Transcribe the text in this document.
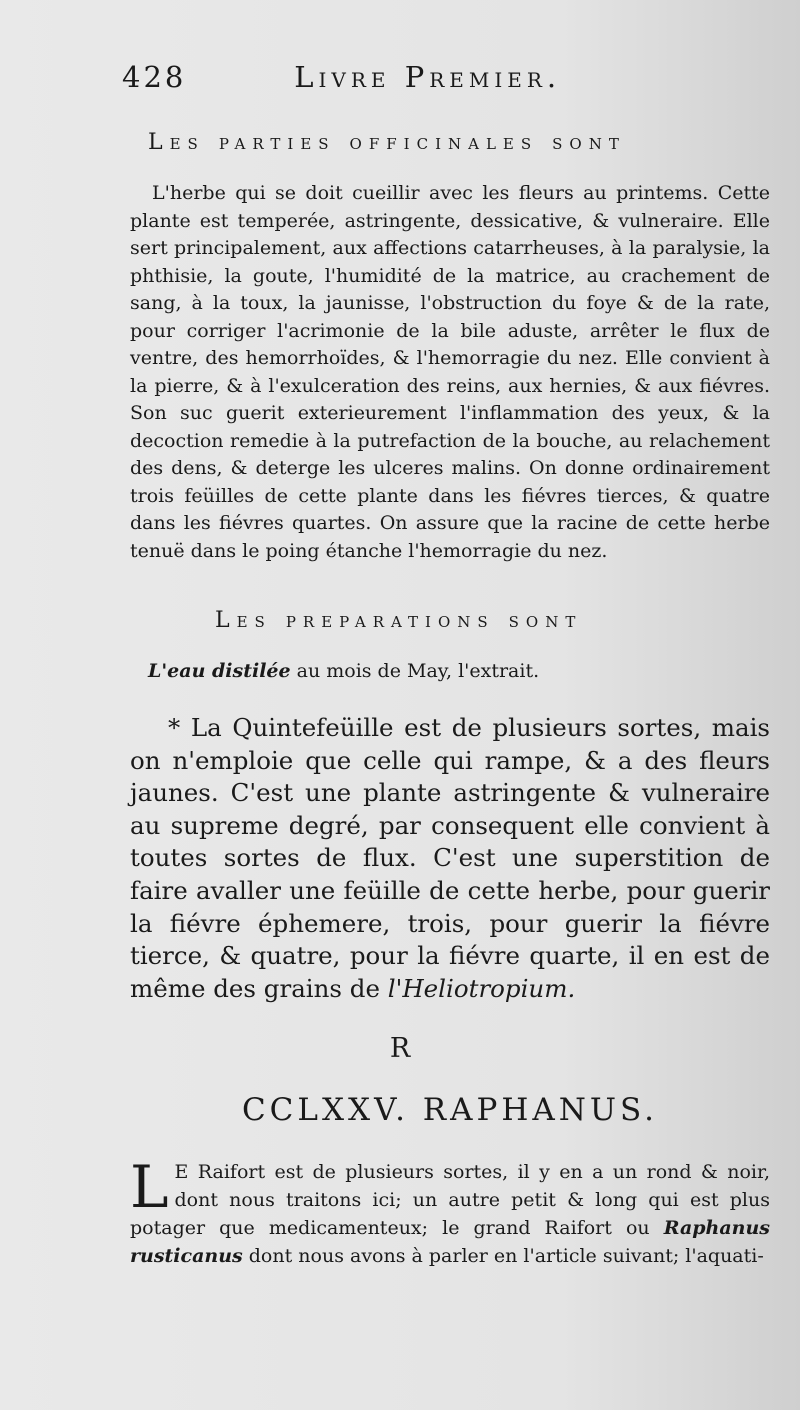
428	Livre Premier.
Les parties officinales sont

L'herbe qui se doit cueillir avec les fleurs au printems. Cette plante est temperée, astringente, dessicative, & vulneraire. Elle sert principalement, aux affections catarrheuses, à la paralysie, la phthisie, la goute, l'humidité de la matrice, au crachement de sang, à la toux, la jaunisse, l'obstruction du foye & de la rate, pour corriger l'acrimonie de la bile aduste, arrêter le flux de ventre, des hemorrhoïdes, & l'hemorragie du nez. Elle convient à la pierre, & à l'exulceration des reins, aux hernies, & aux fiévres. Son suc guerit exterieurement l'inflammation des yeux, & la decoction remedie à la putrefaction de la bouche, au relachement des dens, & deterge les ulceres malins. On donne ordinairement trois feüilles de cette plante dans les fiévres tierces, & quatre dans les fiévres quartes. On assure que la racine de cette herbe tenuë dans le poing étanche l'hemorragie du nez.

Les preparations sont
L'eau distilée au mois de May, l'extrait.

* La Quintefeüille est de plusieurs sortes, mais on n'emploie que celle qui rampe, & a des fleurs jaunes. C'est une plante astringente & vulneraire au supreme degré, par consequent elle convient à toutes sortes de flux. C'est une superstition de faire avaller une feüille de cette herbe, pour guerir la fiévre éphemere, trois, pour guerir la fiévre tierce, & quatre, pour la fiévre quarte, il en est de même des grains de l'Heliotropium.

R
CCLXXV. RAPHANUS.
L E Raifort est de plusieurs sortes, il y en a un rond & noir, dont nous traitons ici; un autre petit & long qui est plus potager que medicamenteux; le grand Raifort ou Raphanus rusticanus dont nous avons à parler en l'article suivant; l'aquati-
